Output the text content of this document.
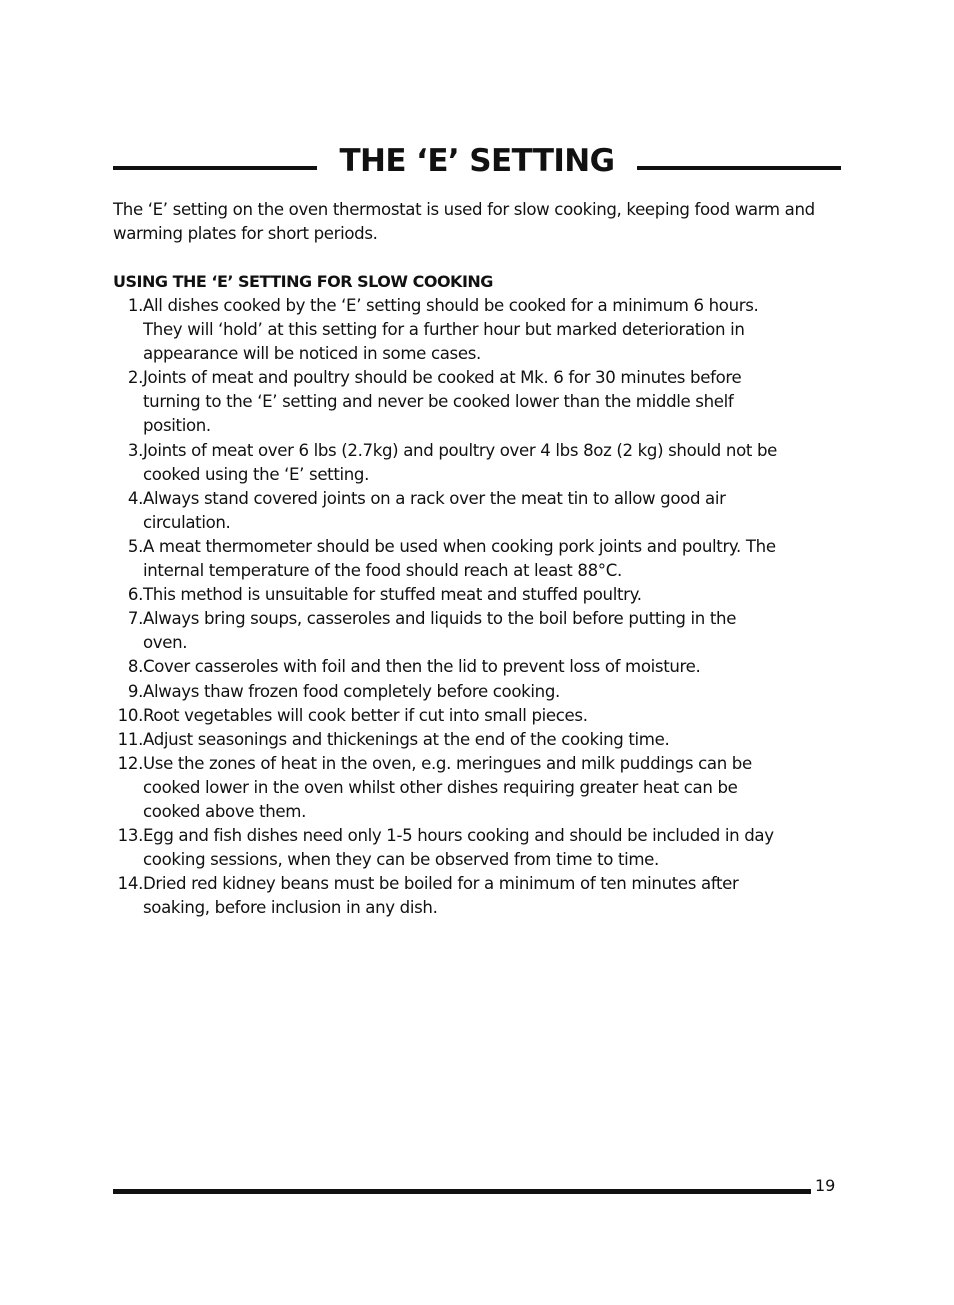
THE ‘E’ SETTING

The ‘E’ setting on the oven thermostat is used for slow cooking, keeping food warm and warming plates for short periods.

USING THE ‘E’ SETTING FOR SLOW COOKING
1. All dishes cooked by the ‘E’ setting should be cooked for a minimum 6 hours. They will ‘hold’ at this setting for a further hour but marked deterioration in appearance will be noticed in some cases.
2. Joints of meat and poultry should be cooked at Mk. 6 for 30 minutes before turning to the ‘E’ setting and never be cooked lower than the middle shelf position.
3. Joints of meat over 6 lbs (2.7kg) and poultry over 4 lbs 8oz (2 kg) should not be cooked using the ‘E’ setting.
4. Always stand covered joints on a rack over the meat tin to allow good air circulation.
5. A meat thermometer should be used when cooking pork joints and poultry. The internal temperature of the food should reach at least 88°C.
6. This method is unsuitable for stuffed meat and stuffed poultry.
7. Always bring soups, casseroles and liquids to the boil before putting in the oven.
8. Cover casseroles with foil and then the lid to prevent loss of moisture.
9. Always thaw frozen food completely before cooking.
10. Root vegetables will cook better if cut into small pieces.
11. Adjust seasonings and thickenings at the end of the cooking time.
12. Use the zones of heat in the oven, e.g. meringues and milk puddings can be cooked lower in the oven whilst other dishes requiring greater heat can be cooked above them.
13. Egg and fish dishes need only 1-5 hours cooking and should be included in day cooking sessions, when they can be observed from time to time.
14. Dried red kidney beans must be boiled for a minimum of ten minutes after soaking, before inclusion in any dish.
19
